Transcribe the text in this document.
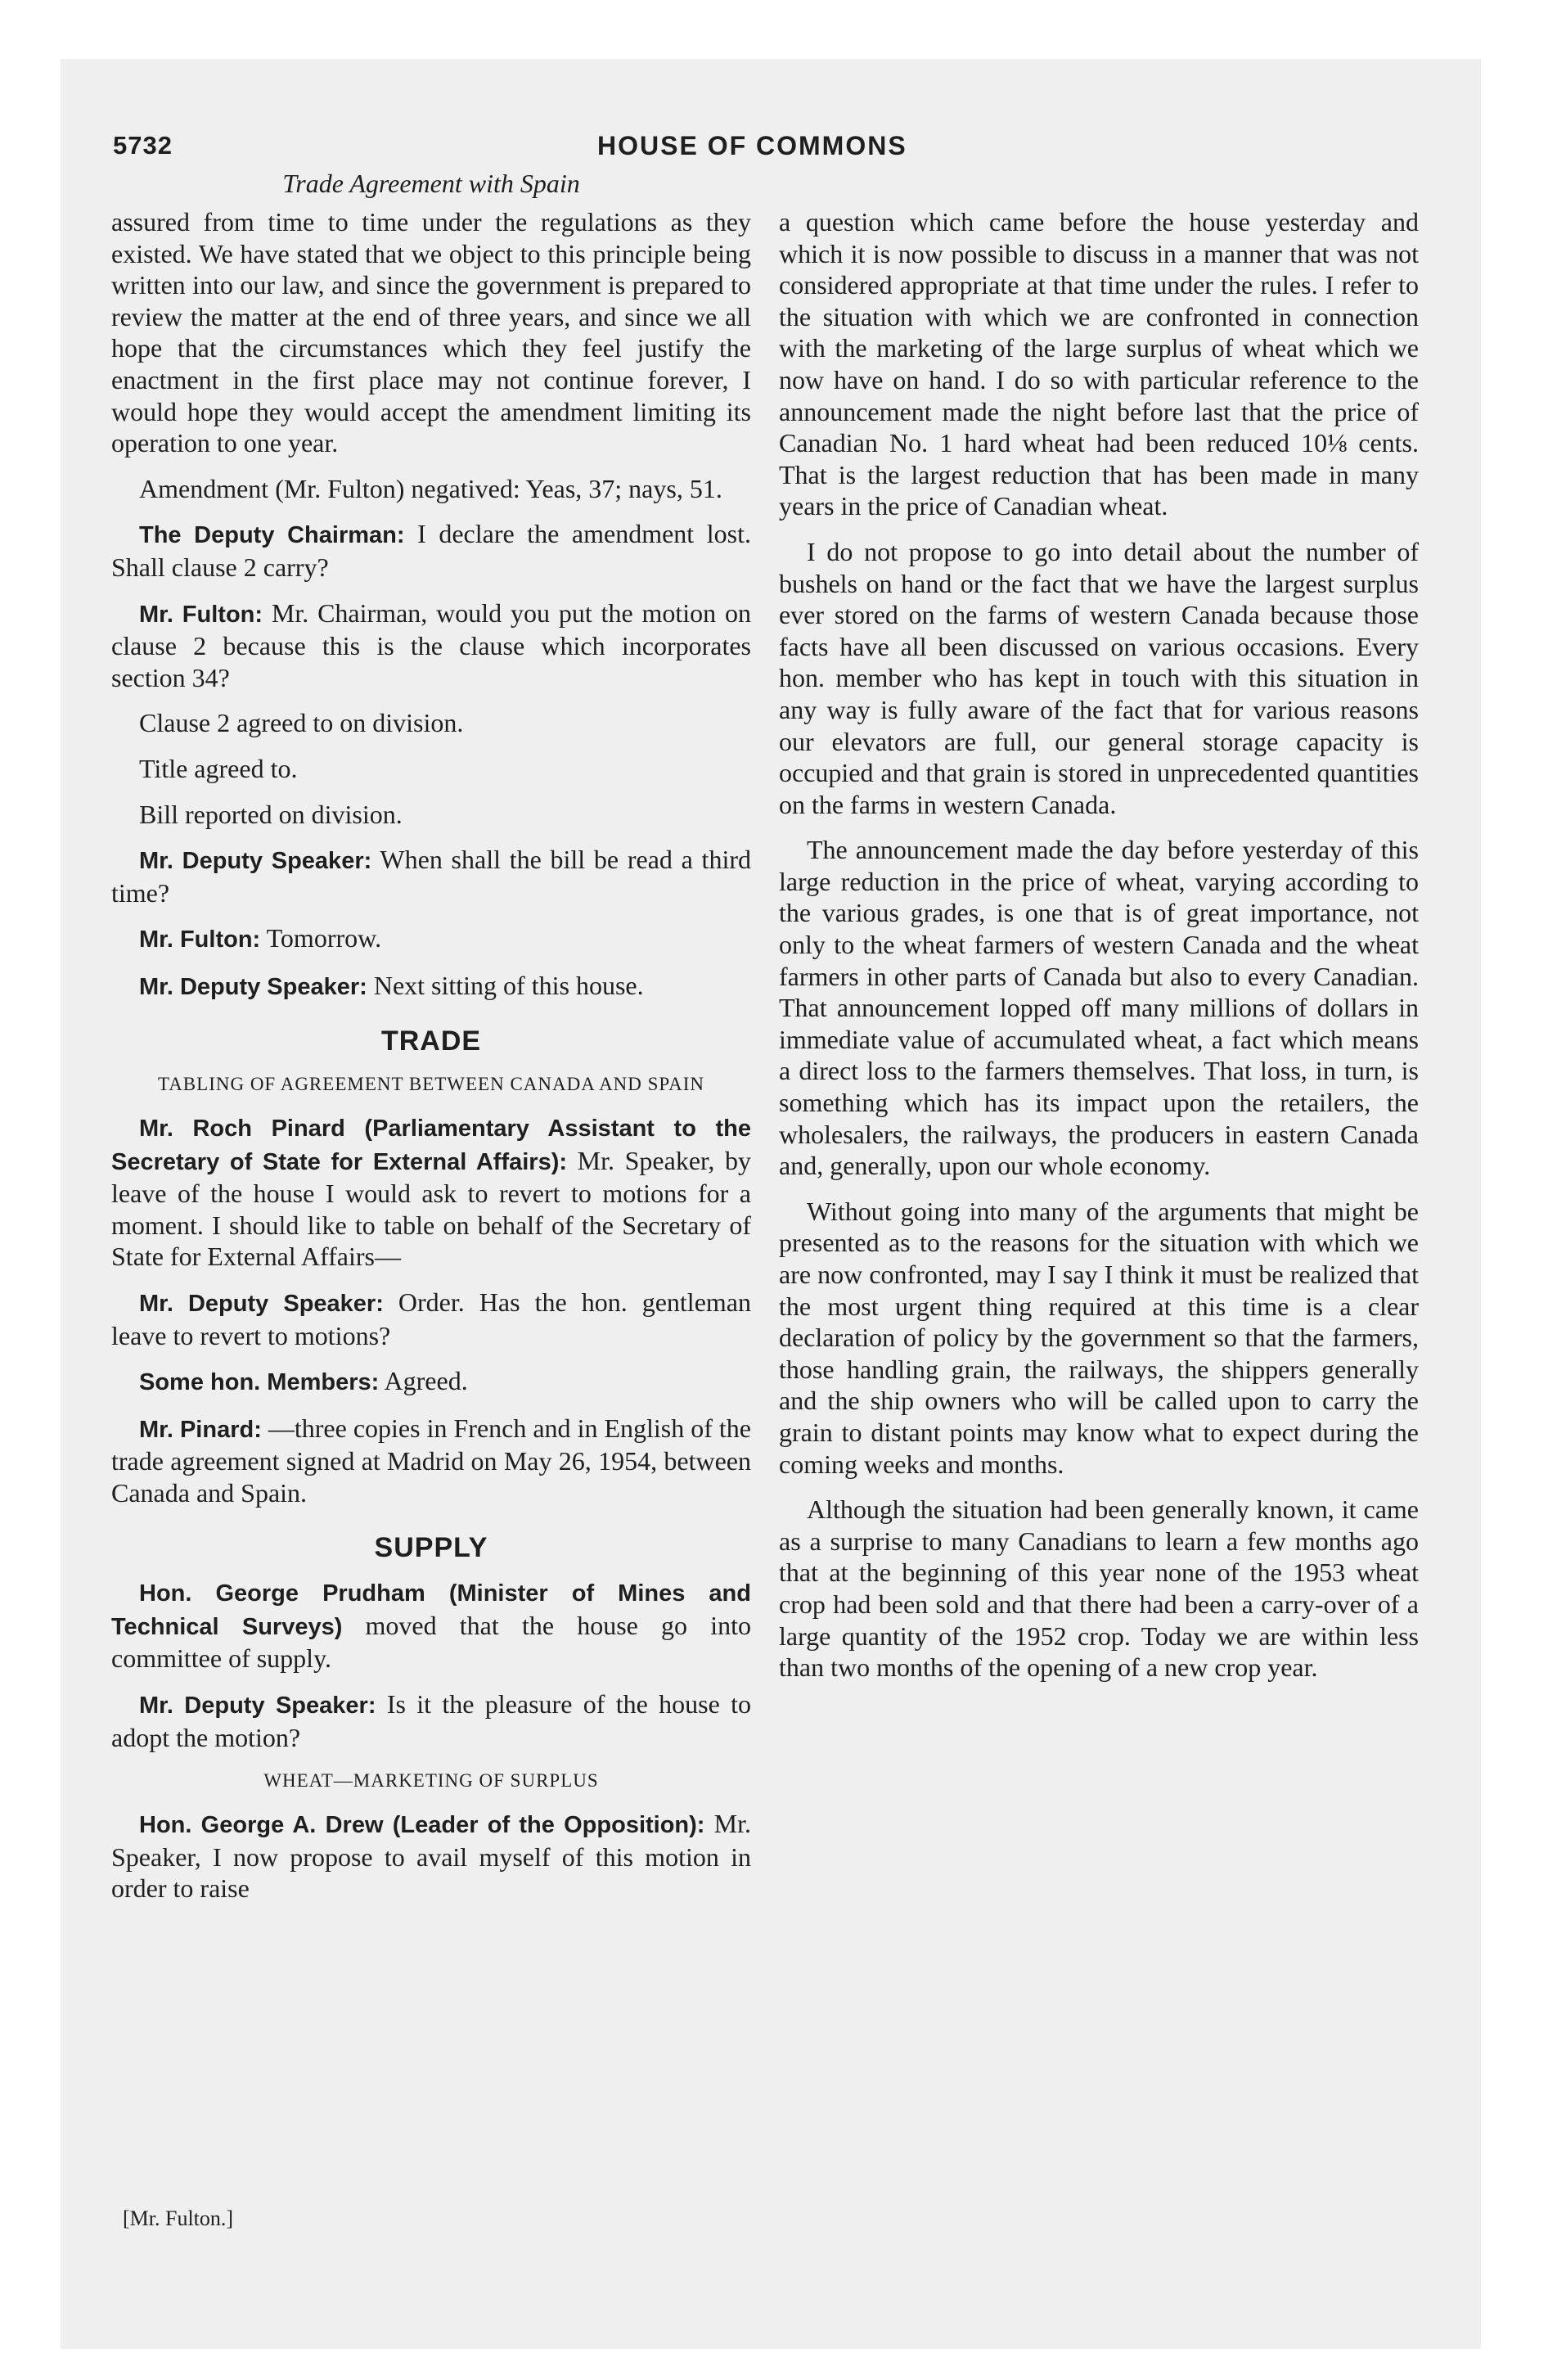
5732	HOUSE OF COMMONS
Trade Agreement with Spain

assured from time to time under the regulations as they existed. We have stated that we object to this principle being written into our law, and since the government is prepared to review the matter at the end of three years, and since we all hope that the circumstances which they feel justify the enactment in the first place may not continue forever, I would hope they would accept the amendment limiting its operation to one year.

Amendment (Mr. Fulton) negatived: Yeas, 37; nays, 51.

The Deputy Chairman: I declare the amendment lost. Shall clause 2 carry?

Mr. Fulton: Mr. Chairman, would you put the motion on clause 2 because this is the clause which incorporates section 34?

Clause 2 agreed to on division.

Title agreed to.

Bill reported on division.

Mr. Deputy Speaker: When shall the bill be read a third time?

Mr. Fulton: Tomorrow.

Mr. Deputy Speaker: Next sitting of this house.

TRADE
TABLING OF AGREEMENT BETWEEN CANADA AND SPAIN

Mr. Roch Pinard (Parliamentary Assistant to the Secretary of State for External Affairs): Mr. Speaker, by leave of the house I would ask to revert to motions for a moment. I should like to table on behalf of the Secretary of State for External Affairs—

Mr. Deputy Speaker: Order. Has the hon. gentleman leave to revert to motions?

Some hon. Members: Agreed.

Mr. Pinard: —three copies in French and in English of the trade agreement signed at Madrid on May 26, 1954, between Canada and Spain.

SUPPLY

Hon. George Prudham (Minister of Mines and Technical Surveys) moved that the house go into committee of supply.

Mr. Deputy Speaker: Is it the pleasure of the house to adopt the motion?

WHEAT—MARKETING OF SURPLUS

Hon. George A. Drew (Leader of the Opposition): Mr. Speaker, I now propose to avail myself of this motion in order to raise

a question which came before the house yesterday and which it is now possible to discuss in a manner that was not considered appropriate at that time under the rules. I refer to the situation with which we are confronted in connection with the marketing of the large surplus of wheat which we now have on hand. I do so with particular reference to the announcement made the night before last that the price of Canadian No. 1 hard wheat had been reduced 10⅛ cents. That is the largest reduction that has been made in many years in the price of Canadian wheat.

I do not propose to go into detail about the number of bushels on hand or the fact that we have the largest surplus ever stored on the farms of western Canada because those facts have all been discussed on various occasions. Every hon. member who has kept in touch with this situation in any way is fully aware of the fact that for various reasons our elevators are full, our general storage capacity is occupied and that grain is stored in unprecedented quantities on the farms in western Canada.

The announcement made the day before yesterday of this large reduction in the price of wheat, varying according to the various grades, is one that is of great importance, not only to the wheat farmers of western Canada and the wheat farmers in other parts of Canada but also to every Canadian. That announcement lopped off many millions of dollars in immediate value of accumulated wheat, a fact which means a direct loss to the farmers themselves. That loss, in turn, is something which has its impact upon the retailers, the wholesalers, the railways, the producers in eastern Canada and, generally, upon our whole economy.

Without going into many of the arguments that might be presented as to the reasons for the situation with which we are now confronted, may I say I think it must be realized that the most urgent thing required at this time is a clear declaration of policy by the government so that the farmers, those handling grain, the railways, the shippers generally and the ship owners who will be called upon to carry the grain to distant points may know what to expect during the coming weeks and months.

Although the situation had been generally known, it came as a surprise to many Canadians to learn a few months ago that at the beginning of this year none of the 1953 wheat crop had been sold and that there had been a carry-over of a large quantity of the 1952 crop. Today we are within less than two months of the opening of a new crop year.

[Mr. Fulton.]
